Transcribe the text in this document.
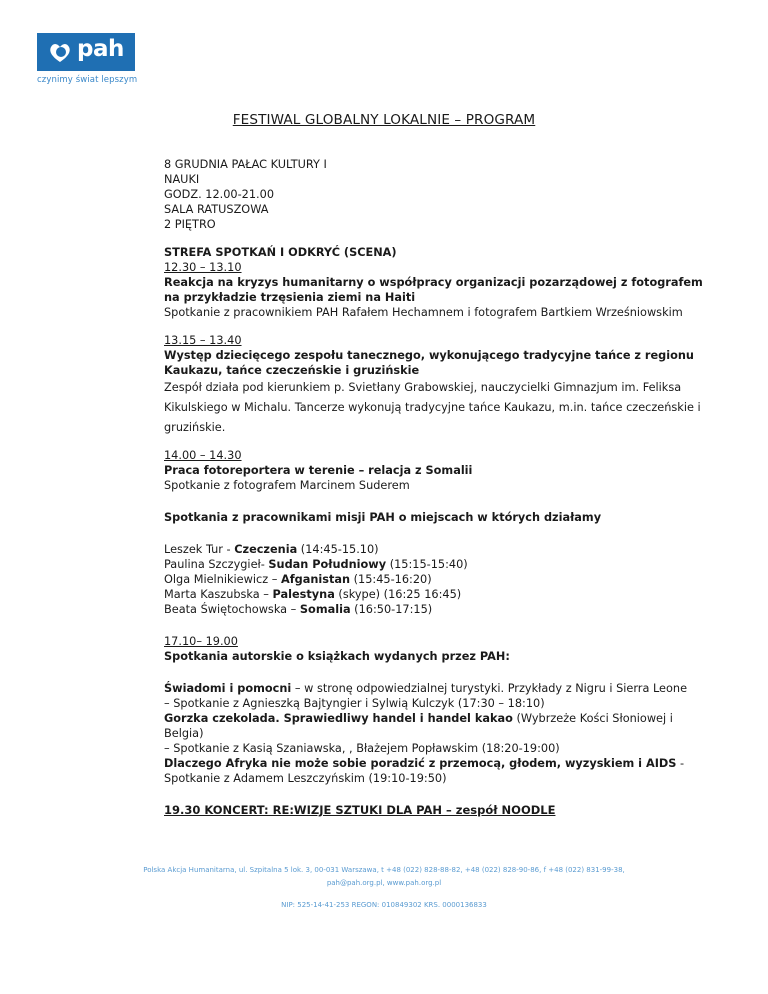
pah
czynimy świat lepszym
FESTIWAL GLOBALNY LOKALNIE – PROGRAM
8 GRUDNIA PAŁAC KULTURY I
NAUKI
GODZ. 12.00-21.00
SALA RATUSZOWA
2 PIĘTRO
STREFA SPOTKAŃ I ODKRYĆ (SCENA)
12.30 – 13.10
Reakcja na kryzys humanitarny o współpracy organizacji pozarządowej z fotografem na przykładzie trzęsienia ziemi na Haiti
Spotkanie z pracownikiem PAH Rafałem Hechamnem i fotografem Bartkiem Wrześniowskim
13.15 – 13.40
Występ dziecięcego zespołu tanecznego, wykonującego tradycyjne tańce z regionu Kaukazu, tańce czeczeńskie i gruzińskie
Zespół działa pod kierunkiem p. Svietłany Grabowskiej, nauczycielki Gimnazjum im. Feliksa Kikulskiego w Michalu. Tancerze wykonują tradycyjne tańce Kaukazu, m.in. tańce czeczeńskie i gruzińskie.
14.00 – 14.30
Praca fotoreportera w terenie – relacja z Somalii
Spotkanie z fotografem Marcinem Suderem
Spotkania z pracownikami misji PAH o miejscach w których działamy
Leszek Tur - Czeczenia (14:45-15.10)
Paulina Szczygieł- Sudan Południowy (15:15-15:40)
Olga Mielnikiewicz – Afganistan (15:45-16:20)
Marta Kaszubska – Palestyna (skype) (16:25 16:45)
Beata Świętochowska – Somalia (16:50-17:15)
17.10– 19.00
Spotkania autorskie o książkach wydanych przez PAH:
Świadomi i pomocni – w stronę odpowiedzialnej turystyki. Przykłady z Nigru i Sierra Leone
– Spotkanie z Agnieszką Bajtyngier i Sylwią Kulczyk (17:30 – 18:10)
Gorzka czekolada. Sprawiedliwy handel i handel kakao (Wybrzeże Kości Słoniowej i Belgia)
– Spotkanie z Kasią Szaniawska, , Błażejem Popławskim (18:20-19:00)
Dlaczego Afryka nie może sobie poradzić z przemocą, głodem, wyzyskiem i AIDS -
Spotkanie z Adamem Leszczyńskim (19:10-19:50)
19.30 KONCERT: RE:WIZJE SZTUKI DLA PAH – zespół NOODLE
Polska Akcja Humanitarna, ul. Szpitalna 5 lok. 3, 00-031 Warszawa, t +48 (022) 828-88-82, +48 (022) 828-90-86, f +48 (022) 831-99-38,
pah@pah.org.pl, www.pah.org.pl
NIP: 525-14-41-253 REGON: 010849302 KRS. 0000136833
